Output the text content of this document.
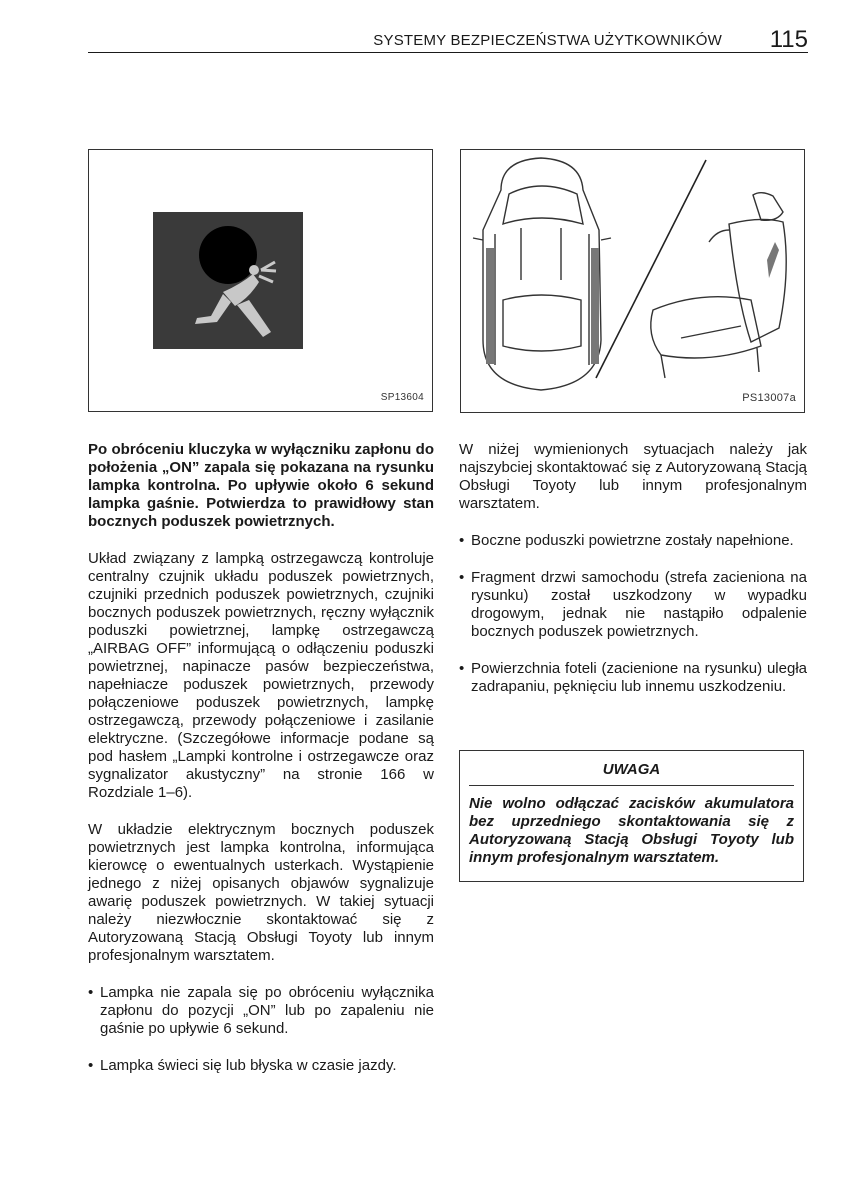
SYSTEMY BEZPIECZEŃSTWA UŻYTKOWNIKÓW 115
SP13604	PS13007a

Po obróceniu kluczyka w wyłączniku zapłonu do położenia „ON” zapala się pokazana na rysunku lampka kontrolna. Po upływie około 6 sekund lampka gaśnie. Potwierdza to prawidłowy stan bocznych poduszek powietrznych.

Układ związany z lampką ostrzegawczą kontroluje centralny czujnik układu poduszek powietrznych, czujniki przednich poduszek powietrznych, czujniki bocznych poduszek powietrznych, ręczny wyłącznik poduszki powietrznej, lampkę ostrzegawczą „AIRBAG OFF” informującą o odłączeniu poduszki powietrznej, napinacze pasów bezpieczeństwa, napełniacze poduszek powietrznych, przewody połączeniowe poduszek powietrznych, lampkę ostrzegawczą, przewody połączeniowe i zasilanie elektryczne. (Szczegółowe informacje podane są pod hasłem „Lampki kontrolne i ostrzegawcze oraz sygnalizator akustyczny” na stronie 166 w Rozdziale 1–6).

W układzie elektrycznym bocznych poduszek powietrznych jest lampka kontrolna, informująca kierowcę o ewentualnych usterkach. Wystąpienie jednego z niżej opisanych objawów sygnalizuje awarię poduszek powietrznych. W takiej sytuacji należy niezwłocznie skontaktować się z Autoryzowaną Stacją Obsługi Toyoty lub innym profesjonalnym warsztatem.

• Lampka nie zapala się po obróceniu wyłącznika zapłonu do pozycji „ON” lub po zapaleniu nie gaśnie po upływie 6 sekund.

• Lampka świeci się lub błyska w czasie jazdy.

W niżej wymienionych sytuacjach należy jak najszybciej skontaktować się z Autoryzowaną Stacją Obsługi Toyoty lub innym profesjonalnym warsztatem.

• Boczne poduszki powietrzne zostały napełnione.

• Fragment drzwi samochodu (strefa zacieniona na rysunku) został uszkodzony w wypadku drogowym, jednak nie nastąpiło odpalenie bocznych poduszek powietrznych.

• Powierzchnia foteli (zacienione na rysunku) uległa zadrapaniu, pęknięciu lub innemu uszkodzeniu.

UWAGA
Nie wolno odłączać zacisków akumulatora bez uprzedniego skontaktowania się z Autoryzowaną Stacją Obsługi Toyoty lub innym profesjonalnym warsztatem.
